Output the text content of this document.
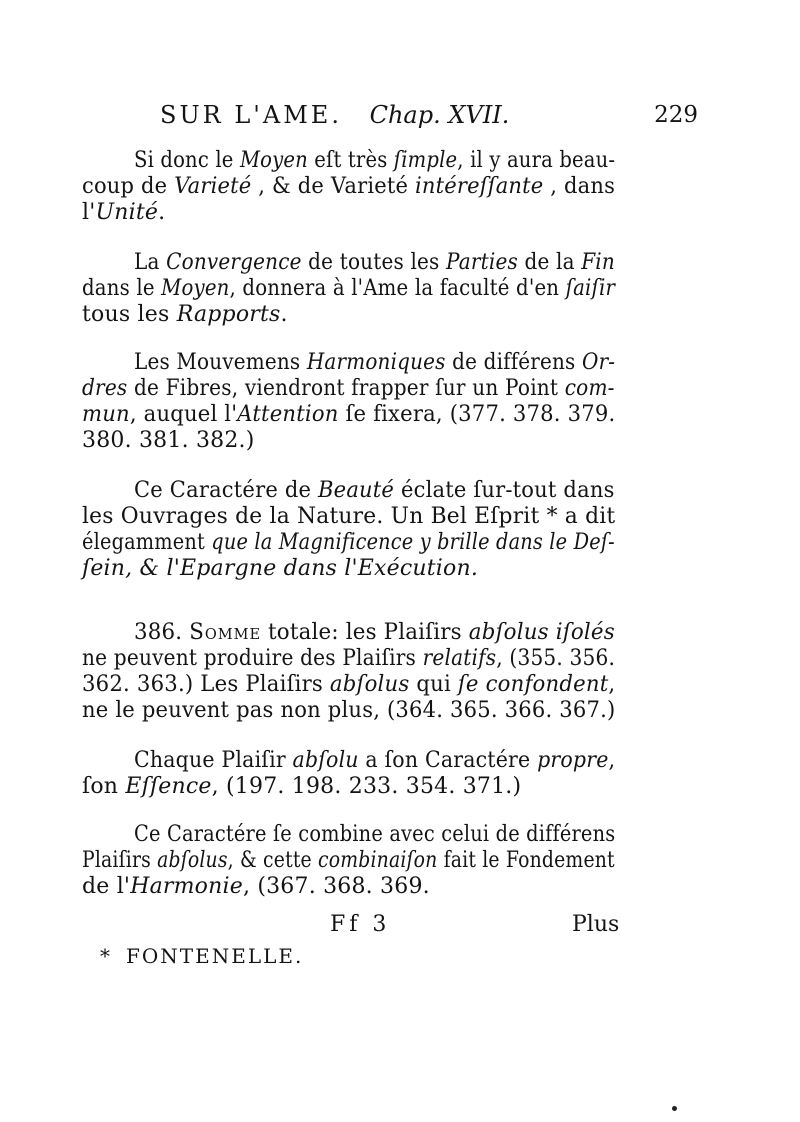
SUR L'AME. Chap. XVII.	229
Si donc le Moyen eſt très ſimple, il y aura beau-
coup de Varieté , & de Varieté intéreſſante , dans
l'Unité.
La Convergence de toutes les Parties de la Fin
dans le Moyen, donnera à l'Ame la faculté d'en ſaiſir
tous les Rapports.
Les Mouvemens Harmoniques de différens Or-
dres de Fibres, viendront frapper ſur un Point com-
mun, auquel l'Attention ſe fixera, (377. 378. 379.
380. 381. 382.)
Ce Caractére de Beauté éclate ſur-tout dans
les Ouvrages de la Nature. Un Bel Eſprit * a dit
élegamment que la Magnificence y brille dans le Deſ-
ſein, & l'Epargne dans l'Exécution.
386. Somme totale: les Plaiſirs abſolus iſolés
ne peuvent produire des Plaiſirs relatifs, (355. 356.
362. 363.) Les Plaiſirs abſolus qui ſe confondent,
ne le peuvent pas non plus, (364. 365. 366. 367.)
Chaque Plaiſir abſolu a ſon Caractére propre,
ſon Eſſence, (197. 198. 233. 354. 371.)
Ce Caractére ſe combine avec celui de différens
Plaiſirs abſolus, & cette combinaiſon fait le Fondement
de l'Harmonie, (367. 368. 369.
Ff 3	Plus
* FONTENELLE.
